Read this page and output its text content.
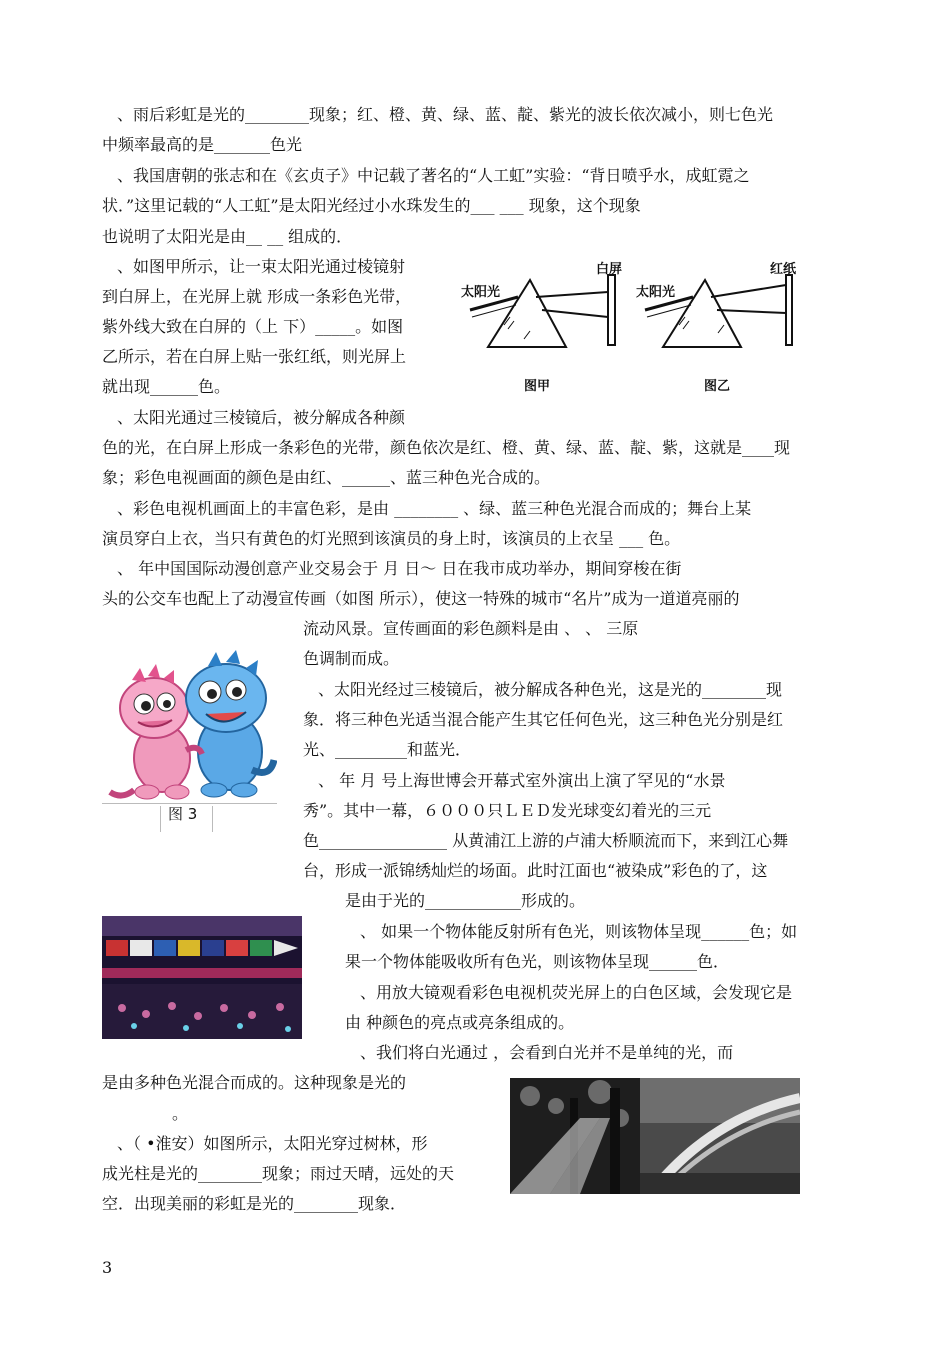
、雨后彩虹是光的________现象；红、橙、黄、绿、蓝、靛、紫光的波长依次减小，则七色光
中频率最高的是_______色光
、我国唐朝的张志和在《玄贞子》中记载了著名的“人工虹”实验：“背日喷乎水，成虹霓之
状．”这里记载的“人工虹”是太阳光经过小水珠发生的___ ___ 现象，这个现象
也说明了太阳光是由__ __ 组成的．
、如图甲所示，让一束太阳光通过棱镜射
到白屏上，在光屏上就 形成一条彩色光带，
紫外线大致在白屏的（上 下）_____。如图
乙所示，若在白屏上贴一张红纸，则光屏上
就出现______色。
太阳光
白屏
太阳光
红纸
图甲	图乙
、太阳光通过三棱镜后，被分解成各种颜
色的光，在白屏上形成一条彩色的光带，颜色依次是红、橙、黄、绿、蓝、靛、紫，这就是____现
象；彩色电视画面的颜色是由红、______、蓝三种色光合成的。
、彩色电视机画面上的丰富色彩，是由 ________ 、绿、蓝三种色光混合而成的；舞台上某
演员穿白上衣，当只有黄色的灯光照到该演员的身上时，该演员的上衣呈 ___ 色。
、 年中国国际动漫创意产业交易会于 月 日～ 日在我市成功举办，期间穿梭在街
头的公交车也配上了动漫宣传画（如图 所示），使这一特殊的城市“名片”成为一道道亮丽的
流动风景。宣传画面的彩色颜料是由 、 、 三原
色调制而成。
图 3
、太阳光经过三棱镜后，被分解成各种色光，这是光的________现
象．将三种色光适当混合能产生其它任何色光，这三种色光分别是红
光、_________和蓝光．
、 年 月 号上海世博会开幕式室外演出上演了罕见的“水景
秀”。其中一幕，６０００只ＬＥＤ发光球变幻着光的三元
色________________ 从黄浦江上游的卢浦大桥顺流而下，来到江心舞
台，形成一派锦绣灿烂的场面。此时江面也“被染成”彩色的了，这
是由于光的____________形成的。
、 如果一个物体能反射所有色光，则该物体呈现______色；如
果一个物体能吸收所有色光，则该物体呈现______色．
、用放大镜观看彩色电视机荧光屏上的白色区域，会发现它是
由 种颜色的亮点或亮条组成的。
、我们将白光通过 ，会看到白光并不是单纯的光，而
是由多种色光混合而成的。这种现象是光的
。
、（ •淮安）如图所示，太阳光穿过树林，形
成光柱是光的________现象；雨过天晴，远处的天
空．出现美丽的彩虹是光的________现象．
3
